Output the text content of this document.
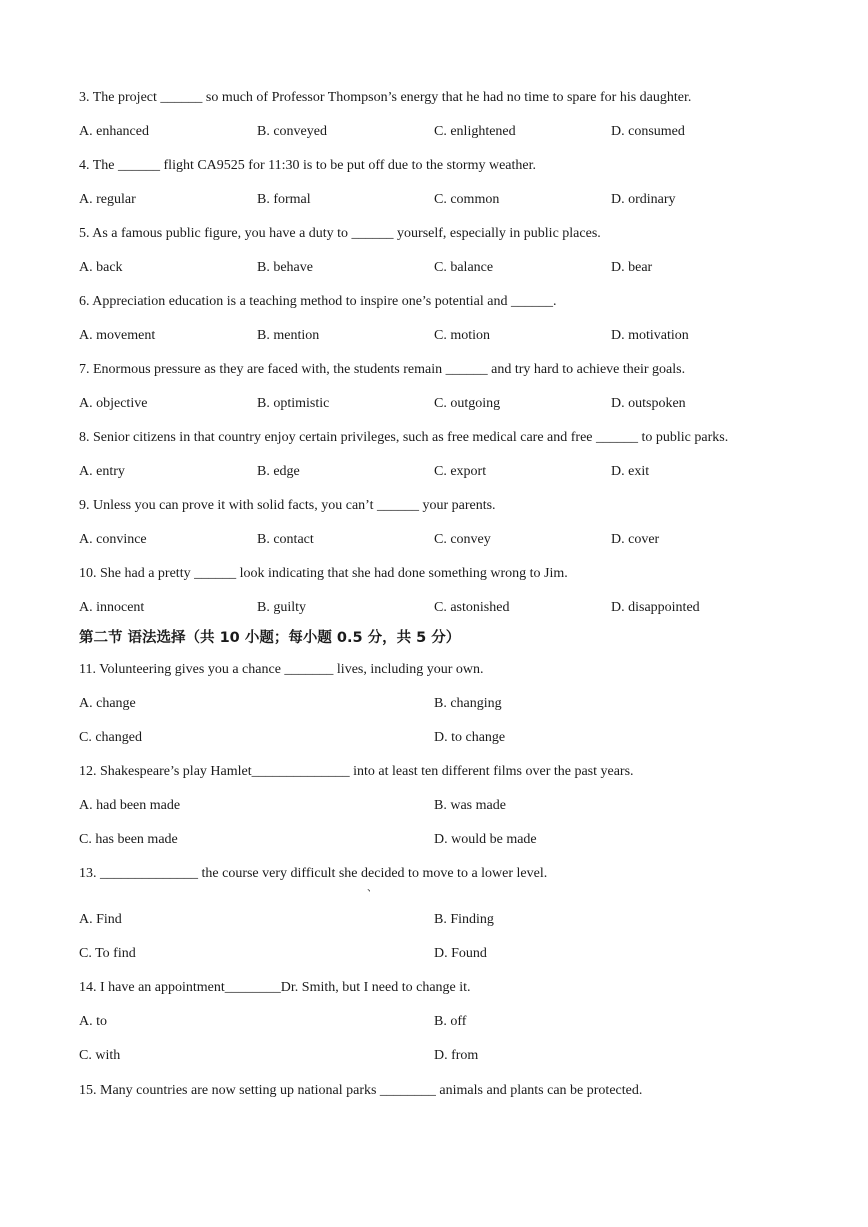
3. The project ______ so much of Professor Thompson’s energy that he had no time to spare for his daughter.
A. enhanced	B. conveyed	C. enlightened	D. consumed
4. The ______ flight CA9525 for 11:30 is to be put off due to the stormy weather.
A. regular	B. formal	C. common	D. ordinary
5. As a famous public figure, you have a duty to ______ yourself, especially in public places.
A. back	B. behave	C. balance	D. bear
6. Appreciation education is a teaching method to inspire one’s potential and ______.
A. movement	B. mention	C. motion	D. motivation
7. Enormous pressure as they are faced with, the students remain ______ and try hard to achieve their goals.
A. objective	B. optimistic	C. outgoing	D. outspoken
8. Senior citizens in that country enjoy certain privileges, such as free medical care and free ______ to public parks.
A. entry	B. edge	C. export	D. exit
9. Unless you can prove it with solid facts, you can’t ______ your parents.
A. convince	B. contact	C. convey	D. cover
10. She had a pretty ______ look indicating that she had done something wrong to Jim.
A. innocent	B. guilty	C. astonished	D. disappointed
第二节 语法选择（共 10 小题；每小题 0.5 分，共 5 分）
11. Volunteering gives you a chance _______ lives, including your own.
A. change	B. changing
C. changed	D. to change
12. Shakespeare’s play Hamlet______________ into at least ten different films over the past years.
A. had been made	B. was made
C. has been made	D. would be made
13. ______________ the course very difficult she decided to move to a lower level.
、
A. Find	B. Finding
C. To find	D. Found
14. I have an appointment________Dr. Smith, but I need to change it.
A. to	B. off
C. with	D. from
15. Many countries are now setting up national parks ________ animals and plants can be protected.
